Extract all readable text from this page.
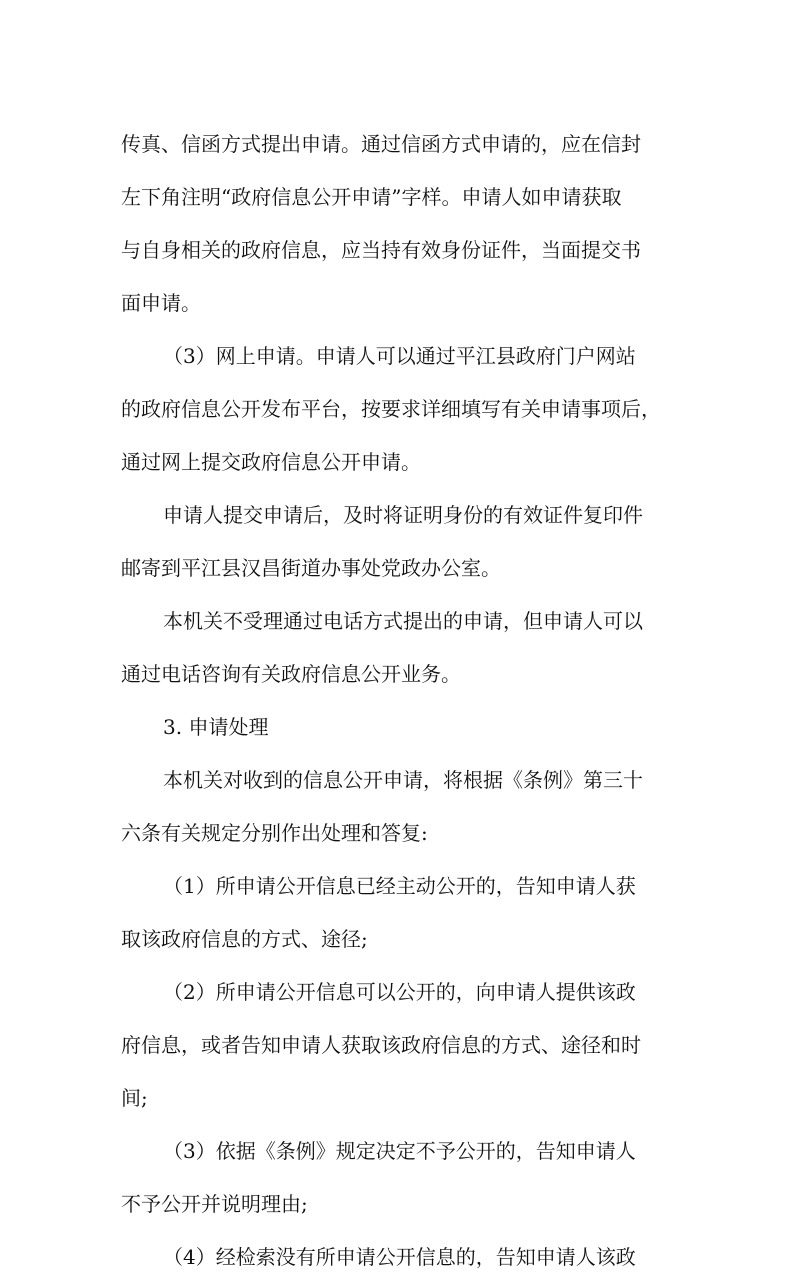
传真、信函方式提出申请。通过信函方式申请的，应在信封
左下角注明“政府信息公开申请”字样。申请人如申请获取
与自身相关的政府信息，应当持有效身份证件，当面提交书
面申请。
（3）网上申请。申请人可以通过平江县政府门户网站
的政府信息公开发布平台，按要求详细填写有关申请事项后，
通过网上提交政府信息公开申请。
申请人提交申请后，及时将证明身份的有效证件复印件
邮寄到平江县汉昌街道办事处党政办公室。
本机关不受理通过电话方式提出的申请，但申请人可以
通过电话咨询有关政府信息公开业务。
3. 申请处理
本机关对收到的信息公开申请，将根据《条例》第三十
六条有关规定分别作出处理和答复:
（1）所申请公开信息已经主动公开的，告知申请人获
取该政府信息的方式、途径;
（2）所申请公开信息可以公开的，向申请人提供该政
府信息，或者告知申请人获取该政府信息的方式、途径和时
间;
（3）依据《条例》规定决定不予公开的，告知申请人
不予公开并说明理由;
（4）经检索没有所申请公开信息的，告知申请人该政
